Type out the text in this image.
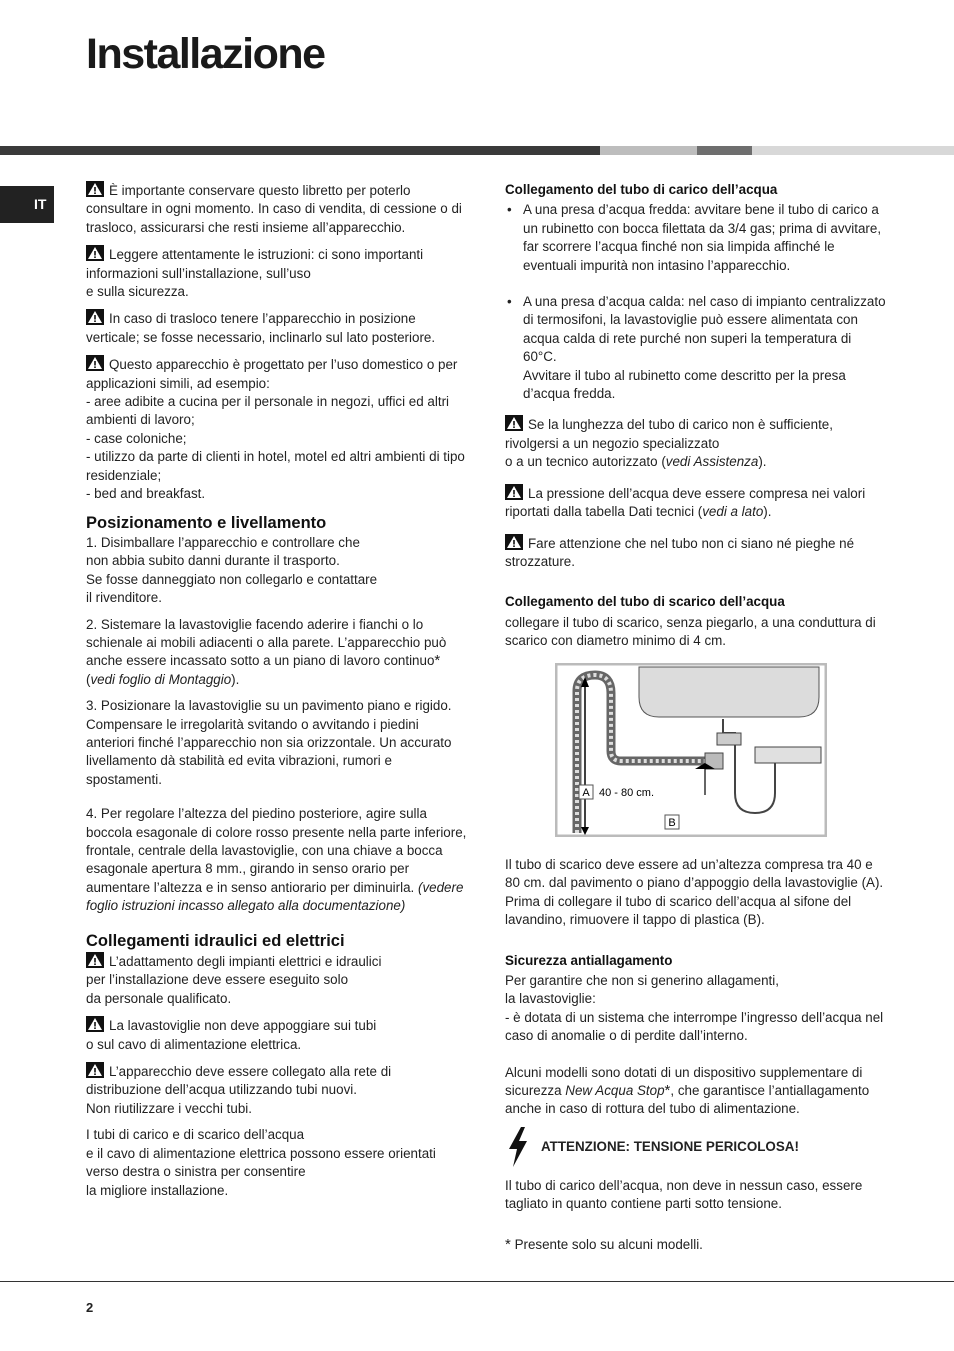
Installazione
IT

È importante conservare questo libretto per poterlo consultare in ogni momento. In caso di vendita, di cessione o di trasloco, assicurarsi che resti insieme all’apparecchio.

Leggere attentamente le istruzioni: ci sono importanti informazioni sull’installazione, sull’uso
e sulla sicurezza.

In caso di trasloco tenere l’apparecchio in posizione verticale; se fosse necessario, inclinarlo sul lato posteriore.

Questo apparecchio è progettato per l’uso domestico o per applicazioni simili, ad esempio:
- aree adibite a cucina per il personale in negozi, uffici ed altri ambienti di lavoro;
- case coloniche;
- utilizzo da parte di clienti in hotel, motel ed altri ambienti di tipo residenziale;
- bed and breakfast.

Posizionamento e livellamento

1. Disimballare l’apparecchio e controllare che
non abbia subito danni durante il trasporto.
Se fosse danneggiato non collegarlo e contattare
il rivenditore.

2. Sistemare la lavastoviglie facendo aderire i fianchi o lo schienale ai mobili adiacenti o alla parete. L’apparecchio può anche essere incassato sotto a un piano di lavoro continuo* (vedi foglio di Montaggio).

3. Posizionare la lavastoviglie su un pavimento piano e rigido. Compensare le irregolarità svitando o avvitando i piedini anteriori finché l’apparecchio non sia orizzontale. Un accurato livellamento dà stabilità ed evita vibrazioni, rumori e spostamenti.

4. Per regolare l’altezza del piedino posteriore, agire sulla boccola esagonale di colore rosso presente nella parte inferiore, frontale, centrale della lavastoviglie, con una chiave a bocca esagonale apertura 8 mm., girando in senso orario per aumentare l’altezza e in senso antiorario per diminuirla. (vedere foglio istruzioni incasso allegato alla documentazione)

Collegamenti idraulici ed elettrici

L’adattamento degli impianti elettrici e idraulici
per l’installazione deve essere eseguito solo
da personale qualificato.

La lavastoviglie non deve appoggiare sui tubi
o sul cavo di alimentazione elettrica.

L’apparecchio deve essere collegato alla rete di distribuzione dell’acqua utilizzando tubi nuovi.
Non riutilizzare i vecchi tubi.

I tubi di carico e di scarico dell’acqua
e il cavo di alimentazione elettrica possono essere orientati verso destra o sinistra per consentire
la migliore installazione.

Collegamento del tubo di carico dell’acqua
• A una presa d’acqua fredda: avvitare bene il tubo di carico a un rubinetto con bocca filettata da 3/4 gas; prima di avvitare, far scorrere l’acqua finché non sia limpida affinché le eventuali impurità non intasino l’apparecchio.
• A una presa d’acqua calda: nel caso di impianto centralizzato di termosifoni, la lavastoviglie può essere alimentata con acqua calda di rete purché non superi la temperatura di 60°C.
Avvitare il tubo al rubinetto come descritto per la presa d’acqua fredda.

Se la lunghezza del tubo di carico non è sufficiente, rivolgersi a un negozio specializzato
o a un tecnico autorizzato (vedi Assistenza).

La pressione dell’acqua deve essere compresa nei valori riportati dalla tabella Dati tecnici (vedi a lato).

Fare attenzione che nel tubo non ci siano né pieghe né strozzature.

Collegamento del tubo di scarico dell’acqua

collegare il tubo di scarico, senza piegarlo, a una conduttura di scarico con diametro minimo di 4 cm.

A 40 - 80 cm.
B

Il tubo di scarico deve essere ad un’altezza compresa tra 40 e 80 cm. dal pavimento o piano d’appoggio della lavastoviglie (A).
Prima di collegare il tubo di scarico dell’acqua al sifone del lavandino, rimuovere il tappo di plastica (B).

Sicurezza antiallagamento

Per garantire che non si generino allagamenti,
la lavastoviglie:
- è dotata di un sistema che interrompe l’ingresso dell’acqua nel caso di anomalie o di perdite dall’interno.

Alcuni modelli sono dotati di un dispositivo supplementare di sicurezza New Acqua Stop*, che garantisce l’antiallagamento anche in caso di rottura del tubo di alimentazione.

ATTENZIONE: TENSIONE PERICOLOSA!

Il tubo di carico dell’acqua, non deve in nessun caso, essere tagliato in quanto contiene parti sotto tensione.

* Presente solo su alcuni modelli.

2
